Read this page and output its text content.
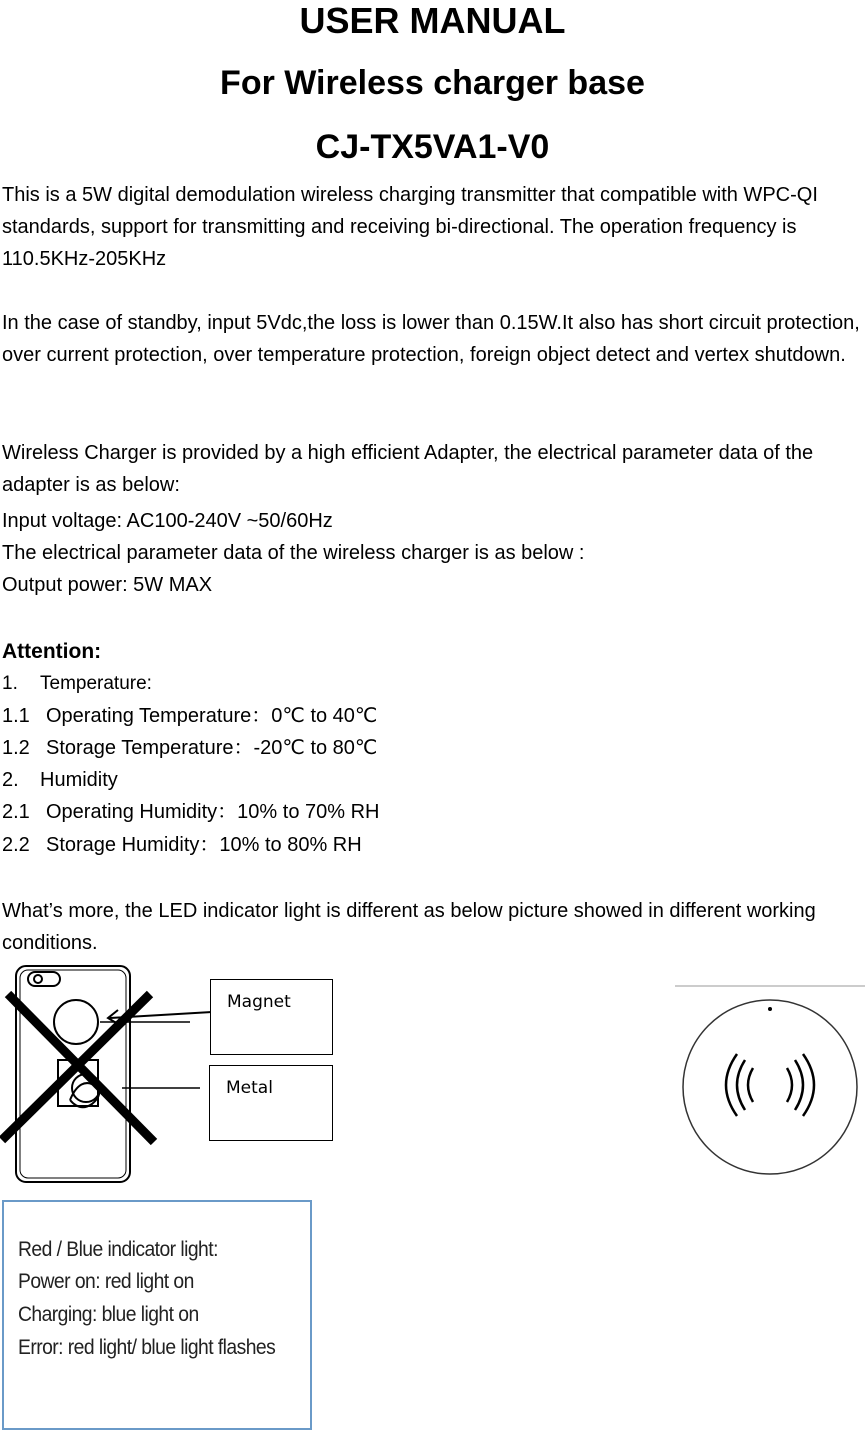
USER MANUAL
For Wireless charger base
CJ-TX5VA1-V0

This is a 5W digital demodulation wireless charging transmitter that compatible with WPC-QI standards, support for transmitting and receiving bi-directional. The operation frequency is 110.5KHz-205KHz

In the case of standby, input 5Vdc,the loss is lower than 0.15W.It also has short circuit protection, over current protection, over temperature protection, foreign object detect and vertex shutdown.

Wireless Charger is provided by a high efficient Adapter, the electrical parameter data of the adapter is as below:

Input voltage: AC100-240V ~50/60Hz

The electrical parameter data of the wireless charger is as below :

Output power: 5W MAX

Attention:

1. Temperature:

1.1 Operating Temperature：0℃ to 40℃

1.2 Storage Temperature：-20℃ to 80℃

2. Humidity

2.1 Operating Humidity：10% to 70% RH

2.2 Storage Humidity：10% to 80% RH

What’s more, the LED indicator light is different as below picture showed in different working conditions.

Magnet
Metal
Red / Blue indicator light:
Power on: red light on
Charging: blue light on
Error: red light/ blue light flashes
